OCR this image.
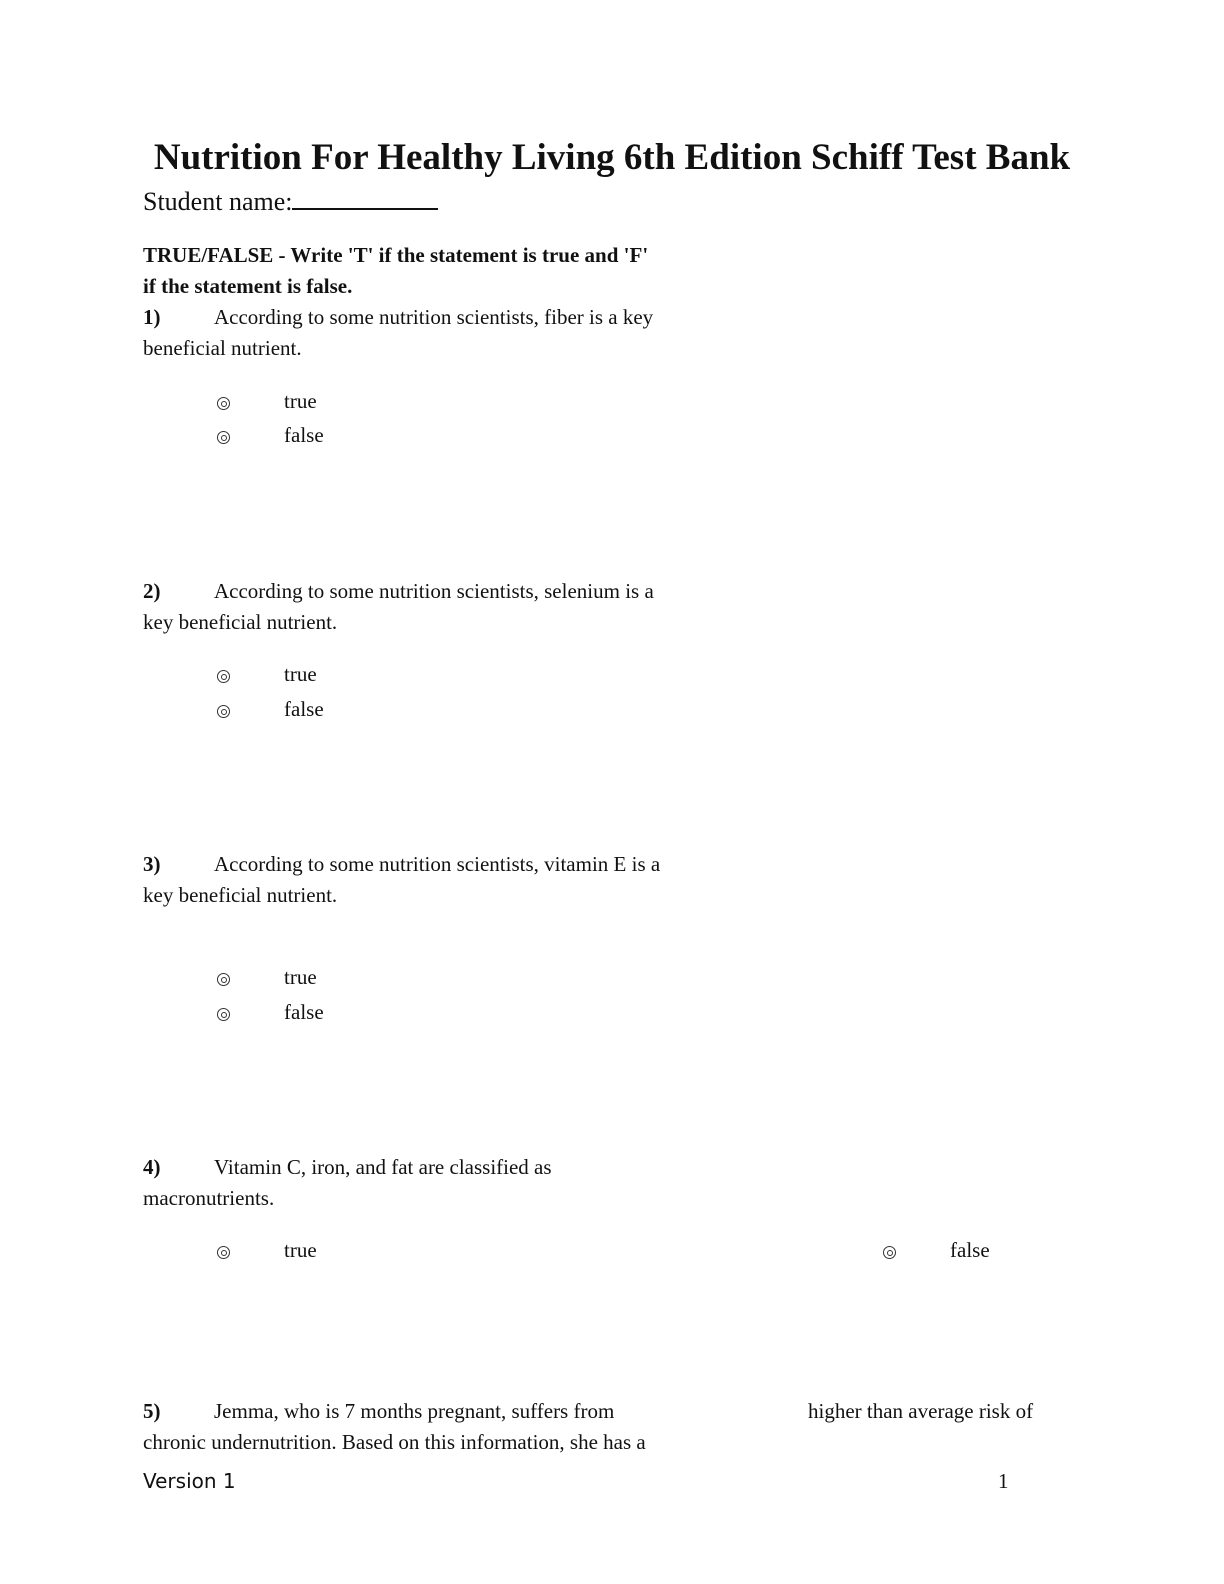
Nutrition For Healthy Living 6th Edition Schiff Test Bank
Student name:
TRUE/FALSE - Write 'T' if the statement is true and 'F'
if the statement is false.
1)	According to some nutrition scientists, fiber is a key
beneficial nutrient.
true
false
2)	According to some nutrition scientists, selenium is a
key beneficial nutrient.
true
false
3)	According to some nutrition scientists, vitamin E is a
key beneficial nutrient.
true
false
4)	Vitamin C, iron, and fat are classified as
macronutrients.
true	false
5)	Jemma, who is 7 months pregnant, suffers from
chronic undernutrition. Based on this information, she has a
higher than average risk of
Version 1	1
